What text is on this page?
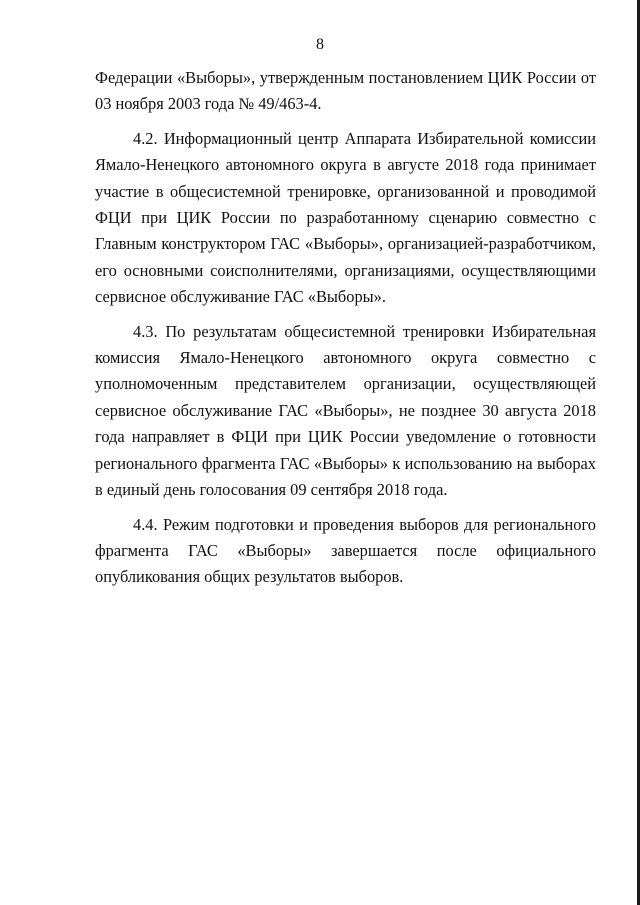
8

Федерации «Выборы», утвержденным постановлением ЦИК России от 03 ноября 2003 года № 49/463-4.

4.2. Информационный центр Аппарата Избирательной комиссии Ямало-Ненецкого автономного округа в августе 2018 года принимает участие в общесистемной тренировке, организованной и проводимой ФЦИ при ЦИК России по разработанному сценарию совместно с Главным конструктором ГАС «Выборы», организацией-разработчиком, его основными соисполнителями, организациями, осуществляющими сервисное обслуживание ГАС «Выборы».

4.3. По результатам общесистемной тренировки Избирательная комиссия Ямало-Ненецкого автономного округа совместно с уполномоченным представителем организации, осуществляющей сервисное обслуживание ГАС «Выборы», не позднее 30 августа 2018 года направляет в ФЦИ при ЦИК России уведомление о готовности регионального фрагмента ГАС «Выборы» к использованию на выборах в единый день голосования 09 сентября 2018 года.

4.4. Режим подготовки и проведения выборов для регионального фрагмента ГАС «Выборы» завершается после официального опубликования общих результатов выборов.
